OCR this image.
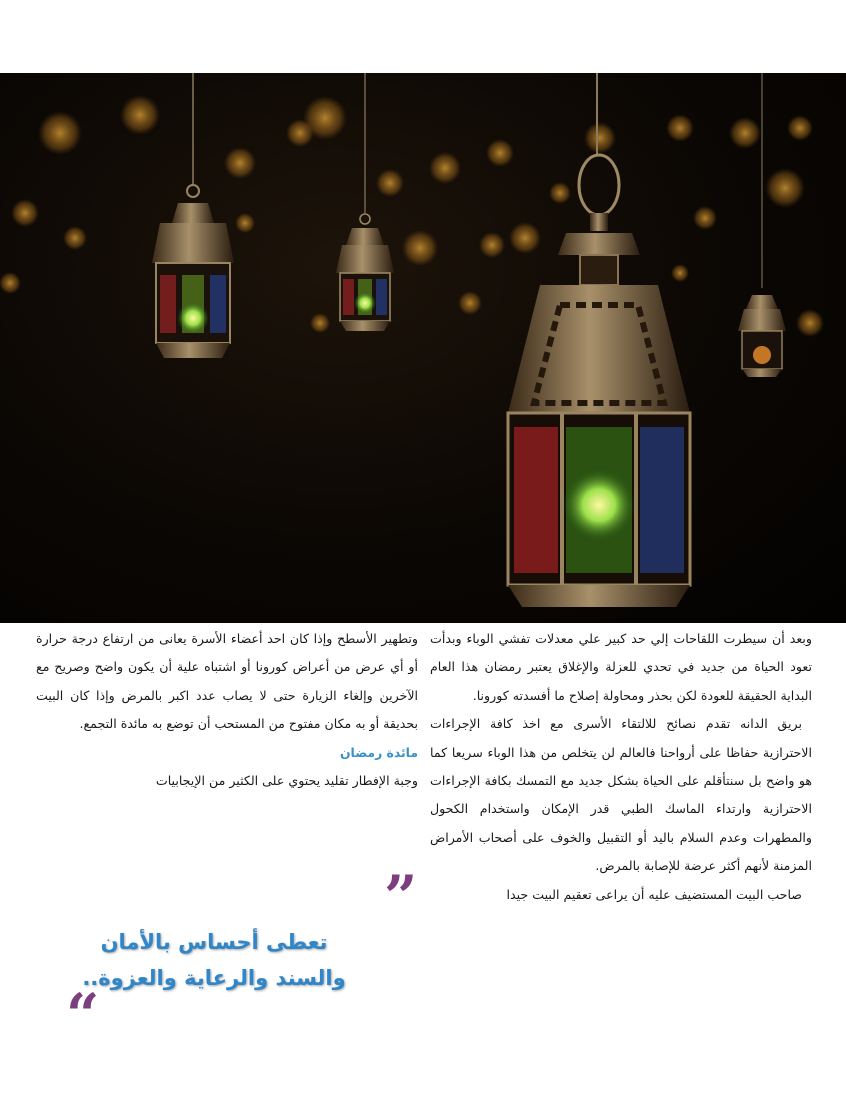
وبعد أن سيطرت اللقاحات إلي حد كبير علي معدلات تفشي الوباء وبدأت تعود الحياة من جديد في تحدي للعزلة والإغلاق يعتبر رمضان هذا العام البداية الحقيقة للعودة لكن بحذر ومحاولة إصلاح ما أفسدته كورونا.

بريق الدانه تقدم نصائح للالتقاء الأسرى مع اخذ كافة الإجراءات الاحترازية حفاظا على أرواحنا فالعالم لن يتخلص من هذا الوباء سريعا كما هو واضح بل سنتأقلم على الحياة بشكل جديد مع التمسك بكافة الإجراءات الاحترازية وارتداء الماسك الطبي قدر الإمكان واستخدام الكحول والمطهرات وعدم السلام باليد أو التقبيل والخوف على أصحاب الأمراض المزمنة لأنهم أكثر عرضة للإصابة بالمرض.

صاحب البيت المستضيف عليه أن يراعى تعقيم البيت جيدا

وتطهير الأسطح وإذا كان احد أعضاء الأسرة يعانى من ارتفاع درجة حرارة أو أي عرض من أعراض كورونا أو اشتباه علية أن يكون واضح وصريح مع الآخرين وإلغاء الزيارة حتى لا يصاب عدد اكبر بالمرض وإذا كان البيت بحديقة أو به مكان مفتوح من المستحب أن توضع به مائدة التجمع.

مائدة رمضان

وجبة الإفطار تقليد يحتوي على الكثير من الإيجابيات

”
تعطى أحساس بالأمان
والسند والرعاية والعزوة..
“
